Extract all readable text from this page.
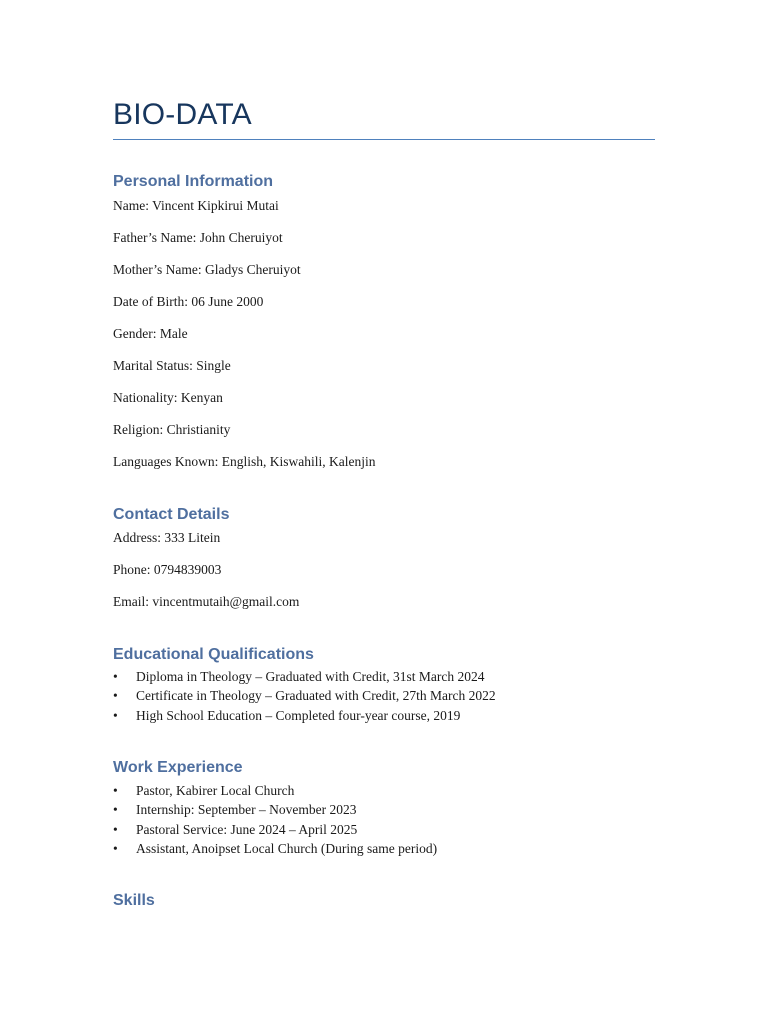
BIO-DATA
Personal Information
Name: Vincent Kipkirui Mutai
Father’s Name: John Cheruiyot
Mother’s Name: Gladys Cheruiyot
Date of Birth: 06 June 2000
Gender: Male
Marital Status: Single
Nationality: Kenyan
Religion: Christianity
Languages Known: English, Kiswahili, Kalenjin
Contact Details
Address: 333 Litein
Phone: 0794839003
Email: vincentmutaih@gmail.com
Educational Qualifications
• Diploma in Theology – Graduated with Credit, 31st March 2024
• Certificate in Theology – Graduated with Credit, 27th March 2022
• High School Education – Completed four-year course, 2019
Work Experience
• Pastor, Kabirer Local Church
• Internship: September – November 2023
• Pastoral Service: June 2024 – April 2025
• Assistant, Anoipset Local Church (During same period)
Skills
